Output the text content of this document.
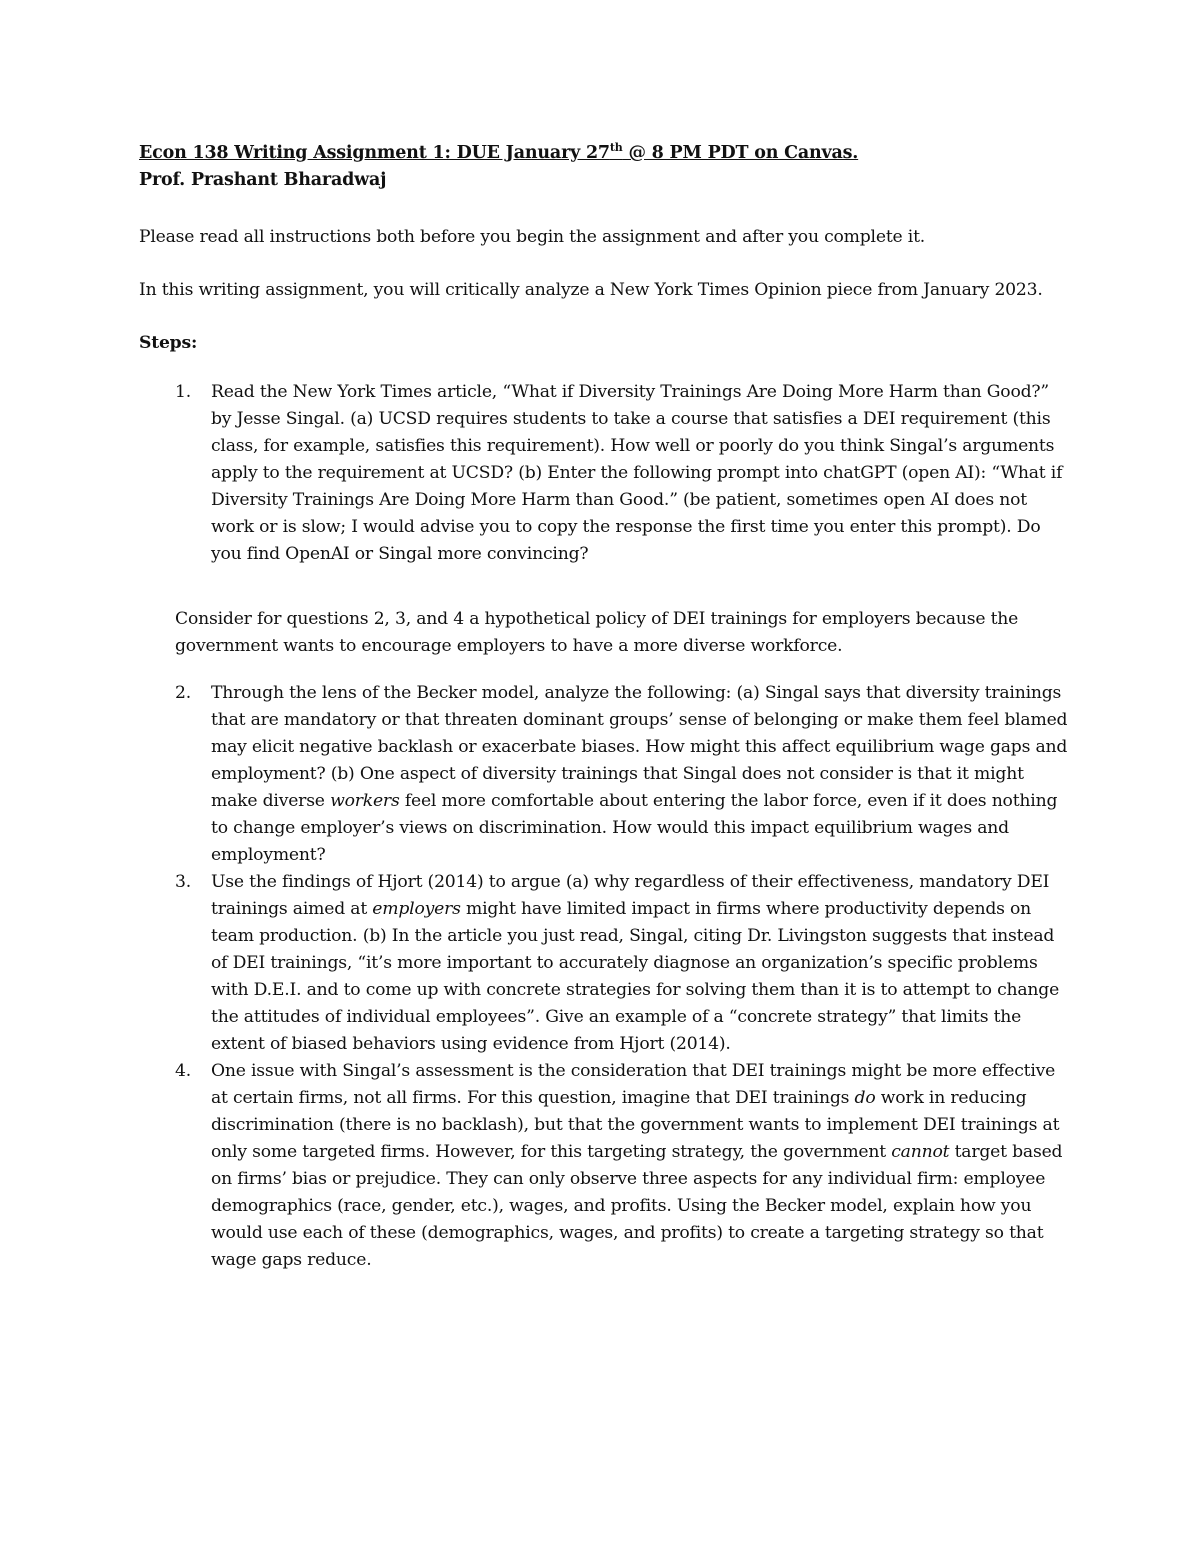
Econ 138 Writing Assignment 1: DUE January 27th @ 8 PM PDT on Canvas.

Prof. Prashant Bharadwaj

Please read all instructions both before you begin the assignment and after you complete it.

In this writing assignment, you will critically analyze a New York Times Opinion piece from January 2023.

Steps:

1. Read the New York Times article, “What if Diversity Trainings Are Doing More Harm than Good?” by Jesse Singal. (a) UCSD requires students to take a course that satisfies a DEI requirement (this class, for example, satisfies this requirement). How well or poorly do you think Singal’s arguments apply to the requirement at UCSD? (b) Enter the following prompt into chatGPT (open AI): “What if Diversity Trainings Are Doing More Harm than Good.” (be patient, sometimes open AI does not work or is slow; I would advise you to copy the response the first time you enter this prompt). Do you find OpenAI or Singal more convincing?

Consider for questions 2, 3, and 4 a hypothetical policy of DEI trainings for employers because the government wants to encourage employers to have a more diverse workforce.

2. Through the lens of the Becker model, analyze the following: (a) Singal says that diversity trainings that are mandatory or that threaten dominant groups’ sense of belonging or make them feel blamed may elicit negative backlash or exacerbate biases. How might this affect equilibrium wage gaps and employment? (b) One aspect of diversity trainings that Singal does not consider is that it might make diverse workers feel more comfortable about entering the labor force, even if it does nothing to change employer’s views on discrimination. How would this impact equilibrium wages and employment?
3. Use the findings of Hjort (2014) to argue (a) why regardless of their effectiveness, mandatory DEI trainings aimed at employers might have limited impact in firms where productivity depends on team production. (b) In the article you just read, Singal, citing Dr. Livingston suggests that instead of DEI trainings, “it’s more important to accurately diagnose an organization’s specific problems with D.E.I. and to come up with concrete strategies for solving them than it is to attempt to change the attitudes of individual employees”. Give an example of a “concrete strategy” that limits the extent of biased behaviors using evidence from Hjort (2014).
4. One issue with Singal’s assessment is the consideration that DEI trainings might be more effective at certain firms, not all firms. For this question, imagine that DEI trainings do work in reducing discrimination (there is no backlash), but that the government wants to implement DEI trainings at only some targeted firms. However, for this targeting strategy, the government cannot target based on firms’ bias or prejudice. They can only observe three aspects for any individual firm: employee demographics (race, gender, etc.), wages, and profits. Using the Becker model, explain how you would use each of these (demographics, wages, and profits) to create a targeting strategy so that wage gaps reduce.
